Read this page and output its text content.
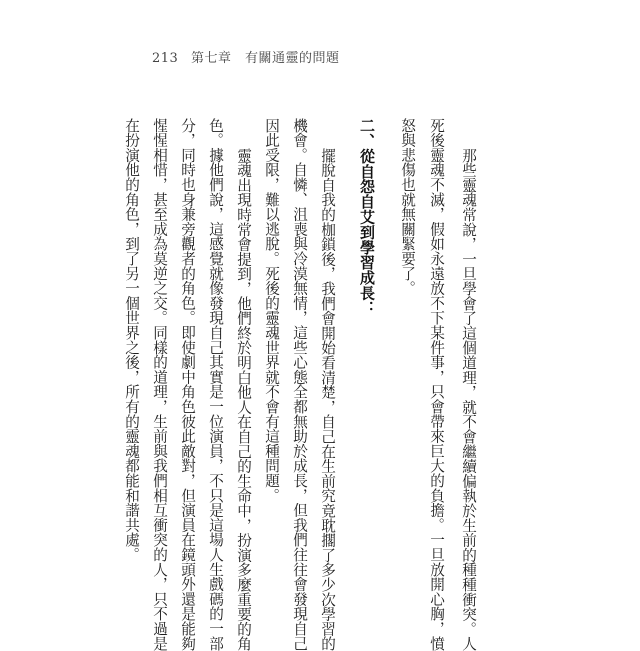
213 第七章　有關通靈的問題
那些靈魂常說，一旦學會了這個道理，就不會繼續偏執於生前的種種衝突。人
死後靈魂不滅，假如永遠放不下某件事，只會帶來巨大的負擔。一旦放開心胸，憤
怒與悲傷也就無關緊要了。
二、從自怨自艾到學習成長：
擺脫自我的枷鎖後，我們會開始看清楚，自己在生前究竟耽擱了多少次學習的
機會。自憐、沮喪與冷漠無情，這些心態全都無助於成長，但我們往往會發現自己
因此受限，難以逃脫。死後的靈魂世界就不會有這種問題。
靈魂出現時常會提到，他們終於明白他人在自己的生命中，扮演多麼重要的角
色。據他們說，這感覺就像發現自己其實是一位演員，不只是這場人生戲碼的一部
分，同時也身兼旁觀者的角色。即使劇中角色彼此敵對，但演員在鏡頭外還是能夠
惺惺相惜，甚至成為莫逆之交。同樣的道理，生前與我們相互衝突的人，只不過是
在扮演他的角色，到了另一個世界之後，所有的靈魂都能和諧共處。
